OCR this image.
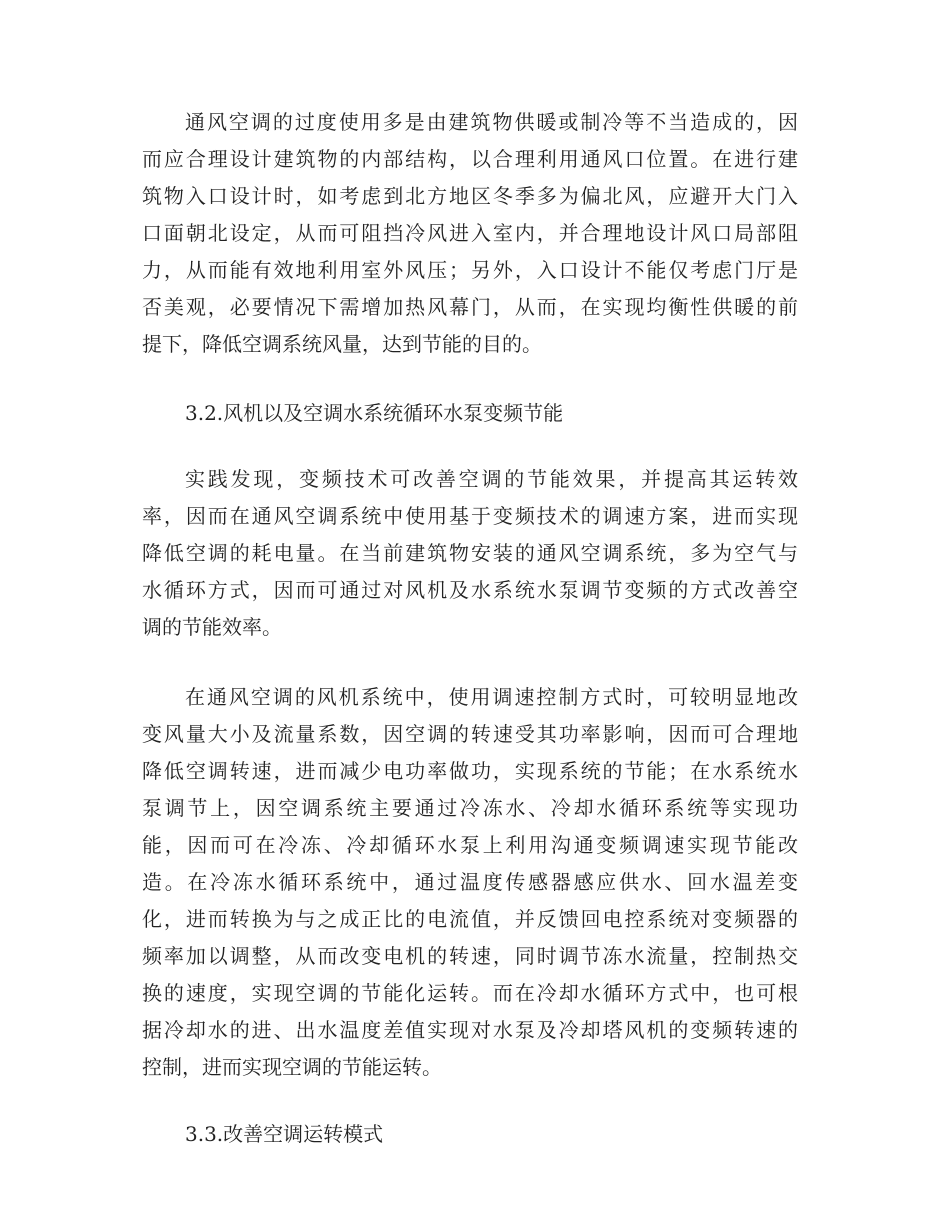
通风空调的过度使用多是由建筑物供暖或制冷等不当造成的，因
而应合理设计建筑物的内部结构，以合理利用通风口位置。在进行建
筑物入口设计时，如考虑到北方地区冬季多为偏北风，应避开大门入
口面朝北设定，从而可阻挡冷风进入室内，并合理地设计风口局部阻
力，从而能有效地利用室外风压；另外，入口设计不能仅考虑门厅是
否美观，必要情况下需增加热风幕门，从而，在实现均衡性供暖的前
提下，降低空调系统风量，达到节能的目的。
3.2.风机以及空调水系统循环水泵变频节能
实践发现，变频技术可改善空调的节能效果，并提高其运转效
率，因而在通风空调系统中使用基于变频技术的调速方案，进而实现
降低空调的耗电量。在当前建筑物安装的通风空调系统，多为空气与
水循环方式，因而可通过对风机及水系统水泵调节变频的方式改善空
调的节能效率。
在通风空调的风机系统中，使用调速控制方式时，可较明显地改
变风量大小及流量系数，因空调的转速受其功率影响，因而可合理地
降低空调转速，进而减少电功率做功，实现系统的节能；在水系统水
泵调节上，因空调系统主要通过冷冻水、冷却水循环系统等实现功
能，因而可在冷冻、冷却循环水泵上利用沟通变频调速实现节能改
造。在冷冻水循环系统中，通过温度传感器感应供水、回水温差变
化，进而转换为与之成正比的电流值，并反馈回电控系统对变频器的
频率加以调整，从而改变电机的转速，同时调节冻水流量，控制热交
换的速度，实现空调的节能化运转。而在冷却水循环方式中，也可根
据冷却水的进、出水温度差值实现对水泵及冷却塔风机的变频转速的
控制，进而实现空调的节能运转。
3.3.改善空调运转模式
